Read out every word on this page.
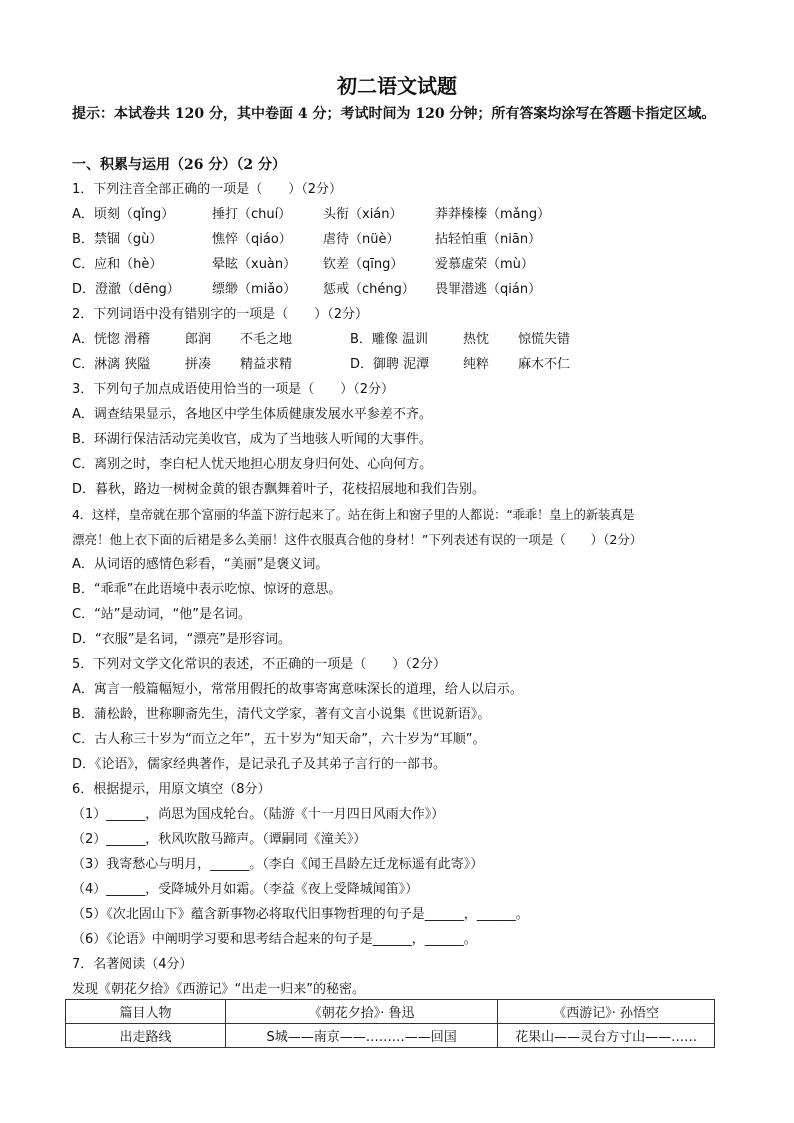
初二语文试题
提示：本试卷共 120 分，其中卷面 4 分；考试时间为 120 分钟；所有答案均涂写在答题卡指定区域。
一、积累与运用（26 分）（2 分）
1．下列注音全部正确的一项是（　　）（2分）
A．顷刻（qǐng）	捶打（chuí） 头衔（xián） 莽莽榛榛（mǎng）
B．禁锢（gù）	憔悴（qiáo） 虐待（nüè）	拈轻怕重（niān）
C．应和（hè）	晕眩（xuàn） 钦差（qīng） 爱慕虚荣（mù）
D．澄澈（dēng） 缥缈（miǎo） 惩戒（chéng） 畏罪潜逃（qián）
2．下列词语中没有错别字的一项是（　　）（2分）
A．恍惚 滑稽	郎润 不毛之地	B．雕像 温训	热忱 惊慌失错
C．淋漓 狭隘	拼凑 精益求精	D．御聘 泥潭	纯粹 麻木不仁
3．下列句子加点成语使用恰当的一项是（　　）（2分）
A．调查结果显示，各地区中学生体质健康发展水平参差不齐。
B．环湖行保洁活动完美收官，成为了当地骇人听闻的大事件。
C．离别之时，李白杞人忧天地担心朋友身归何处、心向何方。
D．暮秋，路边一树树金黄的银杏飘舞着叶子，花枝招展地和我们告别。
4．这样，皇帝就在那个富丽的华盖下游行起来了。站在街上和窗子里的人都说：“乖乖！皇上的新装真是
漂亮！他上衣下面的后裙是多么美丽！这件衣服真合他的身材！”下列表述有误的一项是（　　）（2分）
A．从词语的感情色彩看，“美丽”是褒义词。
B．“乖乖”在此语境中表示吃惊、惊讶的意思。
C．“站”是动词，“他”是名词。
D．“衣服”是名词，“漂亮”是形容词。
5．下列对文学文化常识的表述，不正确的一项是（　　）（2分）
A．寓言一般篇幅短小，常常用假托的故事寄寓意味深长的道理，给人以启示。
B．蒲松龄，世称聊斋先生，清代文学家，著有文言小说集《世说新语》。
C．古人称三十岁为“而立之年”，五十岁为“知天命”，六十岁为“耳顺”。
D．《论语》，儒家经典著作，是记录孔子及其弟子言行的一部书。
6．根据提示，用原文填空（8分）
（1）______，尚思为国戍轮台。（陆游《十一月四日风雨大作》）
（2）______，秋风吹散马蹄声。（谭嗣同《潼关》）
（3）我寄愁心与明月，______。（李白《闻王昌龄左迁龙标遥有此寄》）
（4）______，受降城外月如霜。（李益《夜上受降城闻笛》）
（5）《次北固山下》蕴含新事物必将取代旧事物哲理的句子是______，______。
（6）《论语》中阐明学习要和思考结合起来的句子是______，______。
7．名著阅读（4分）
发现《朝花夕拾》《西游记》“出走一归来”的秘密。
篇目人物	《朝花夕拾》· 鲁迅	《西游记》· 孙悟空
出走路线	S城——南京——………——回国	花果山——灵台方寸山——……
